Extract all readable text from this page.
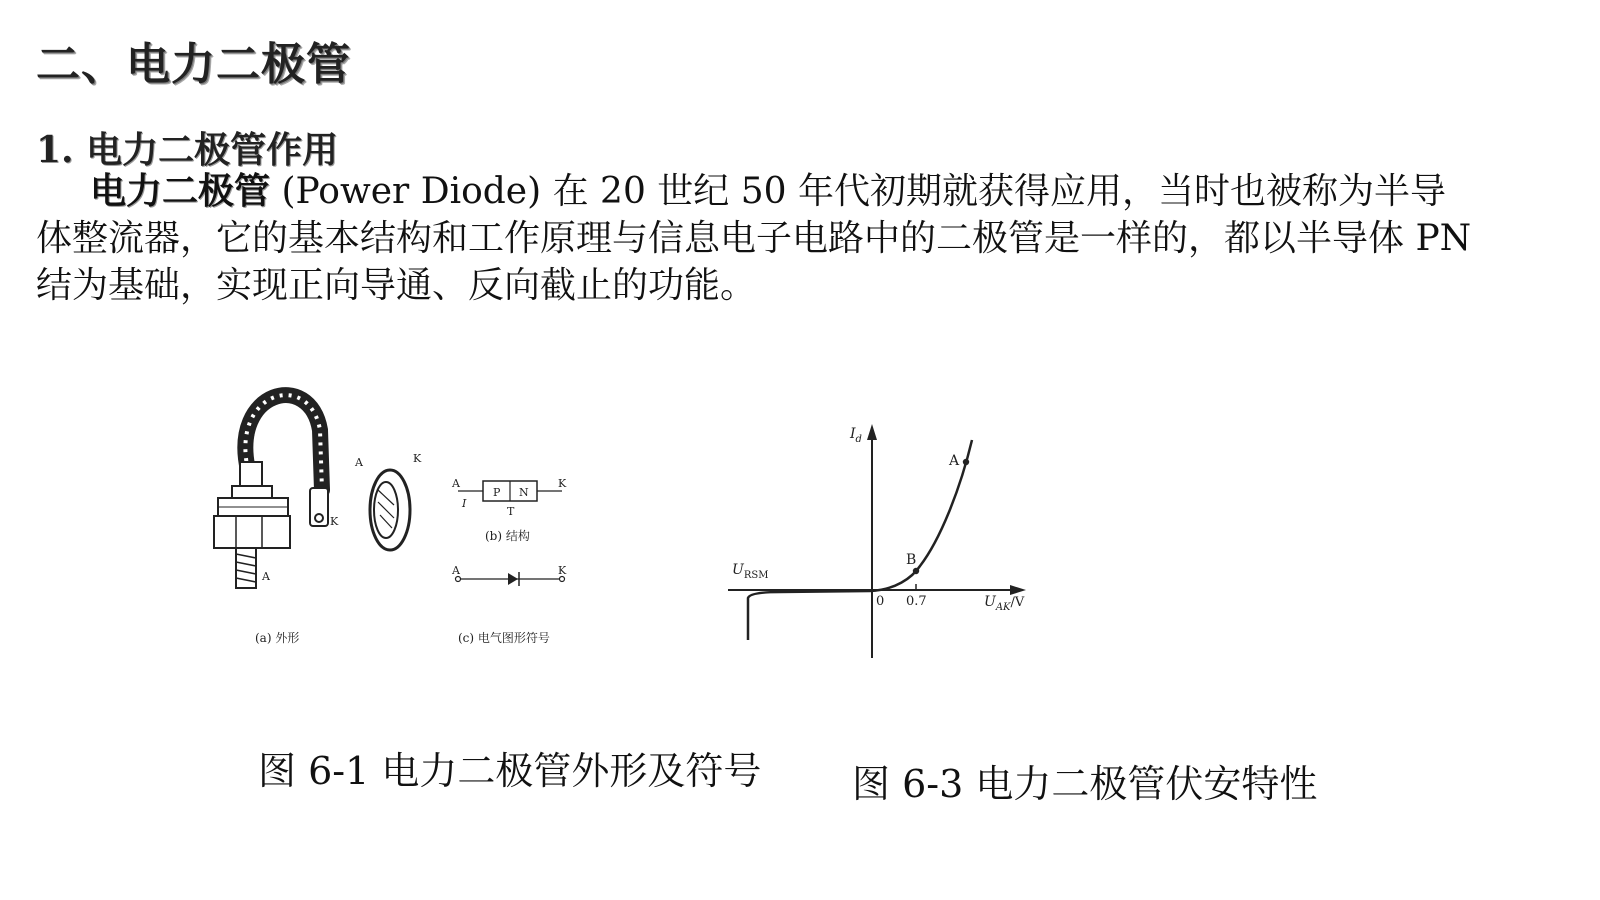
二、电力二极管
1. 电力二极管作用
电力二极管 (Power Diode) 在 20 世纪 50 年代初期就获得应用，当时也被称为半导体整流器，它的基本结构和工作原理与信息电子电路中的二极管是一样的，都以半导体 PN 结为基础，实现正向导通、反向截止的功能。
K
A
A	K
(a) 外形
A	K
P N
I
T
(b) 结构
A	K
(c) 电气图形符号
$I_d$
$U_{AK}/V$
$U_{RSM}$
0 0.7
B
A
图 6-1 电力二极管外形及符号 图 6-3 电力二极管伏安特性
